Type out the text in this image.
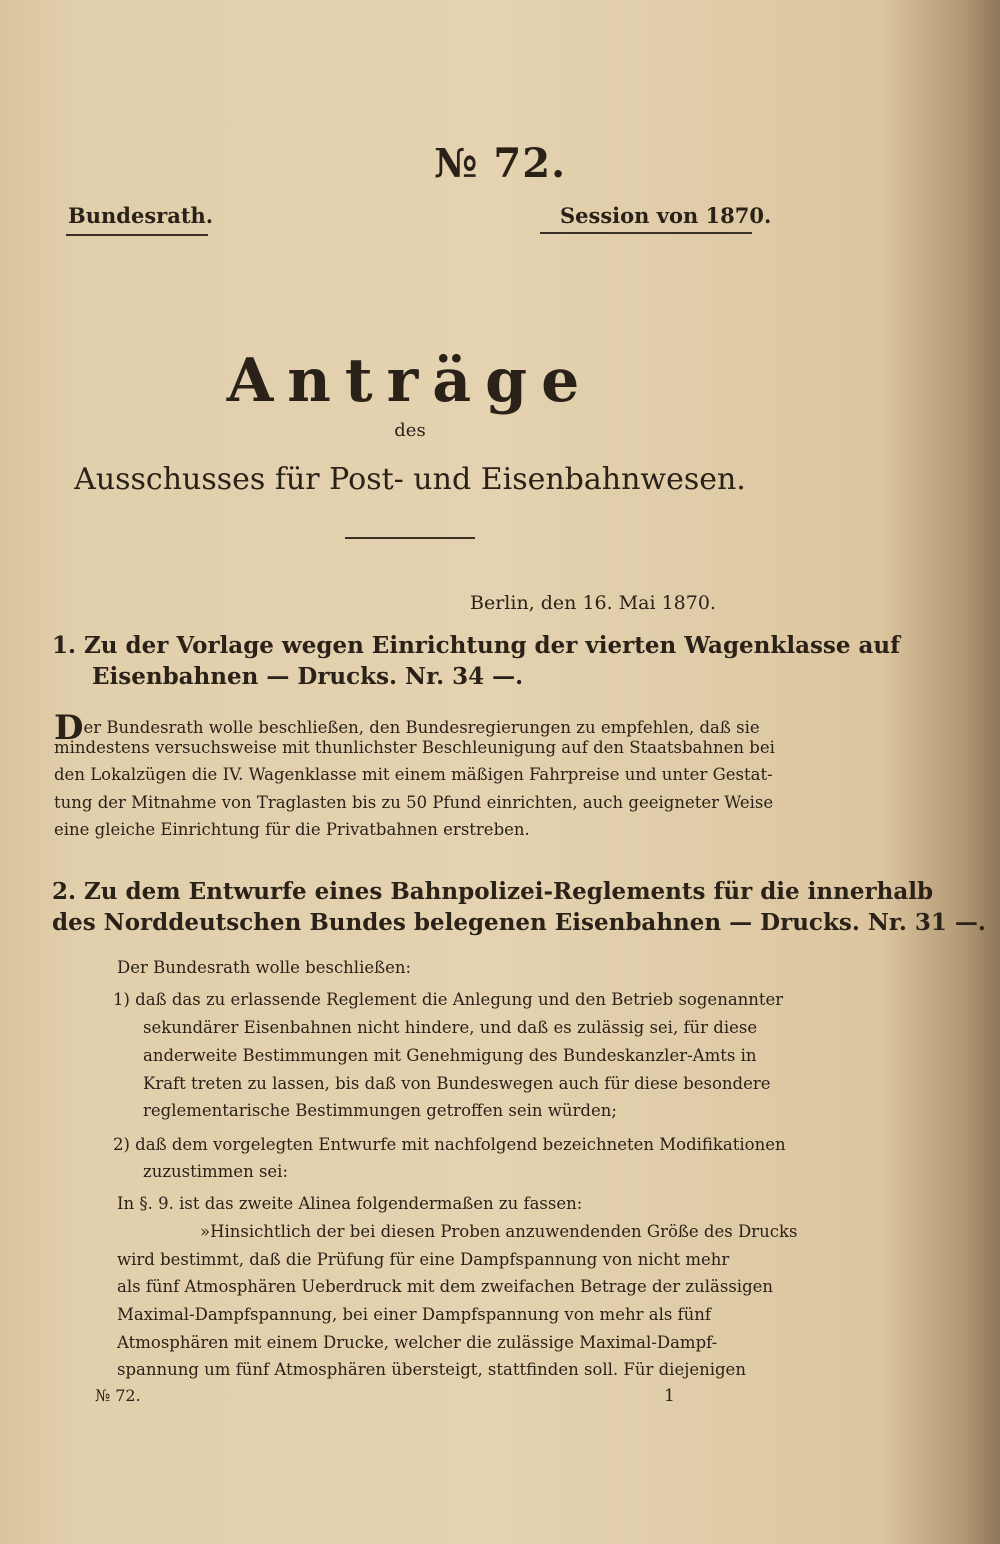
№ 72.
Bundesrath.	Session von 1870.
Anträge
des
Ausschusses für Post- und Eisenbahnwesen.
Berlin, den 16. Mai 1870.
1. Zu der Vorlage wegen Einrichtung der vierten Wagenklasse auf
Eisenbahnen — Drucks. Nr. 34 —.
Der Bundesrath wolle beschließen, den Bundesregierungen zu empfehlen, daß sie
mindestens versuchsweise mit thunlichster Beschleunigung auf den Staatsbahnen bei
den Lokalzügen die IV. Wagenklasse mit einem mäßigen Fahrpreise und unter Gestat-
tung der Mitnahme von Traglasten bis zu 50 Pfund einrichten, auch geeigneter Weise
eine gleiche Einrichtung für die Privatbahnen erstreben.
2. Zu dem Entwurfe eines Bahnpolizei-Reglements für die innerhalb
des Norddeutschen Bundes belegenen Eisenbahnen — Drucks. Nr. 31 —.
Der Bundesrath wolle beschließen:
1) daß das zu erlassende Reglement die Anlegung und den Betrieb sogenannter
sekundärer Eisenbahnen nicht hindere, und daß es zulässig sei, für diese
anderweite Bestimmungen mit Genehmigung des Bundeskanzler-Amts in
Kraft treten zu lassen, bis daß von Bundeswegen auch für diese besondere
reglementarische Bestimmungen getroffen sein würden;
2) daß dem vorgelegten Entwurfe mit nachfolgend bezeichneten Modifikationen
zuzustimmen sei:
In §. 9. ist das zweite Alinea folgendermaßen zu fassen:
»Hinsichtlich der bei diesen Proben anzuwendenden Größe des Drucks
wird bestimmt, daß die Prüfung für eine Dampfspannung von nicht mehr
als fünf Atmosphären Ueberdruck mit dem zweifachen Betrage der zulässigen
Maximal-Dampfspannung, bei einer Dampfspannung von mehr als fünf
Atmosphären mit einem Drucke, welcher die zulässige Maximal-Dampf-
spannung um fünf Atmosphären übersteigt, stattfinden soll. Für diejenigen
№ 72.	1
